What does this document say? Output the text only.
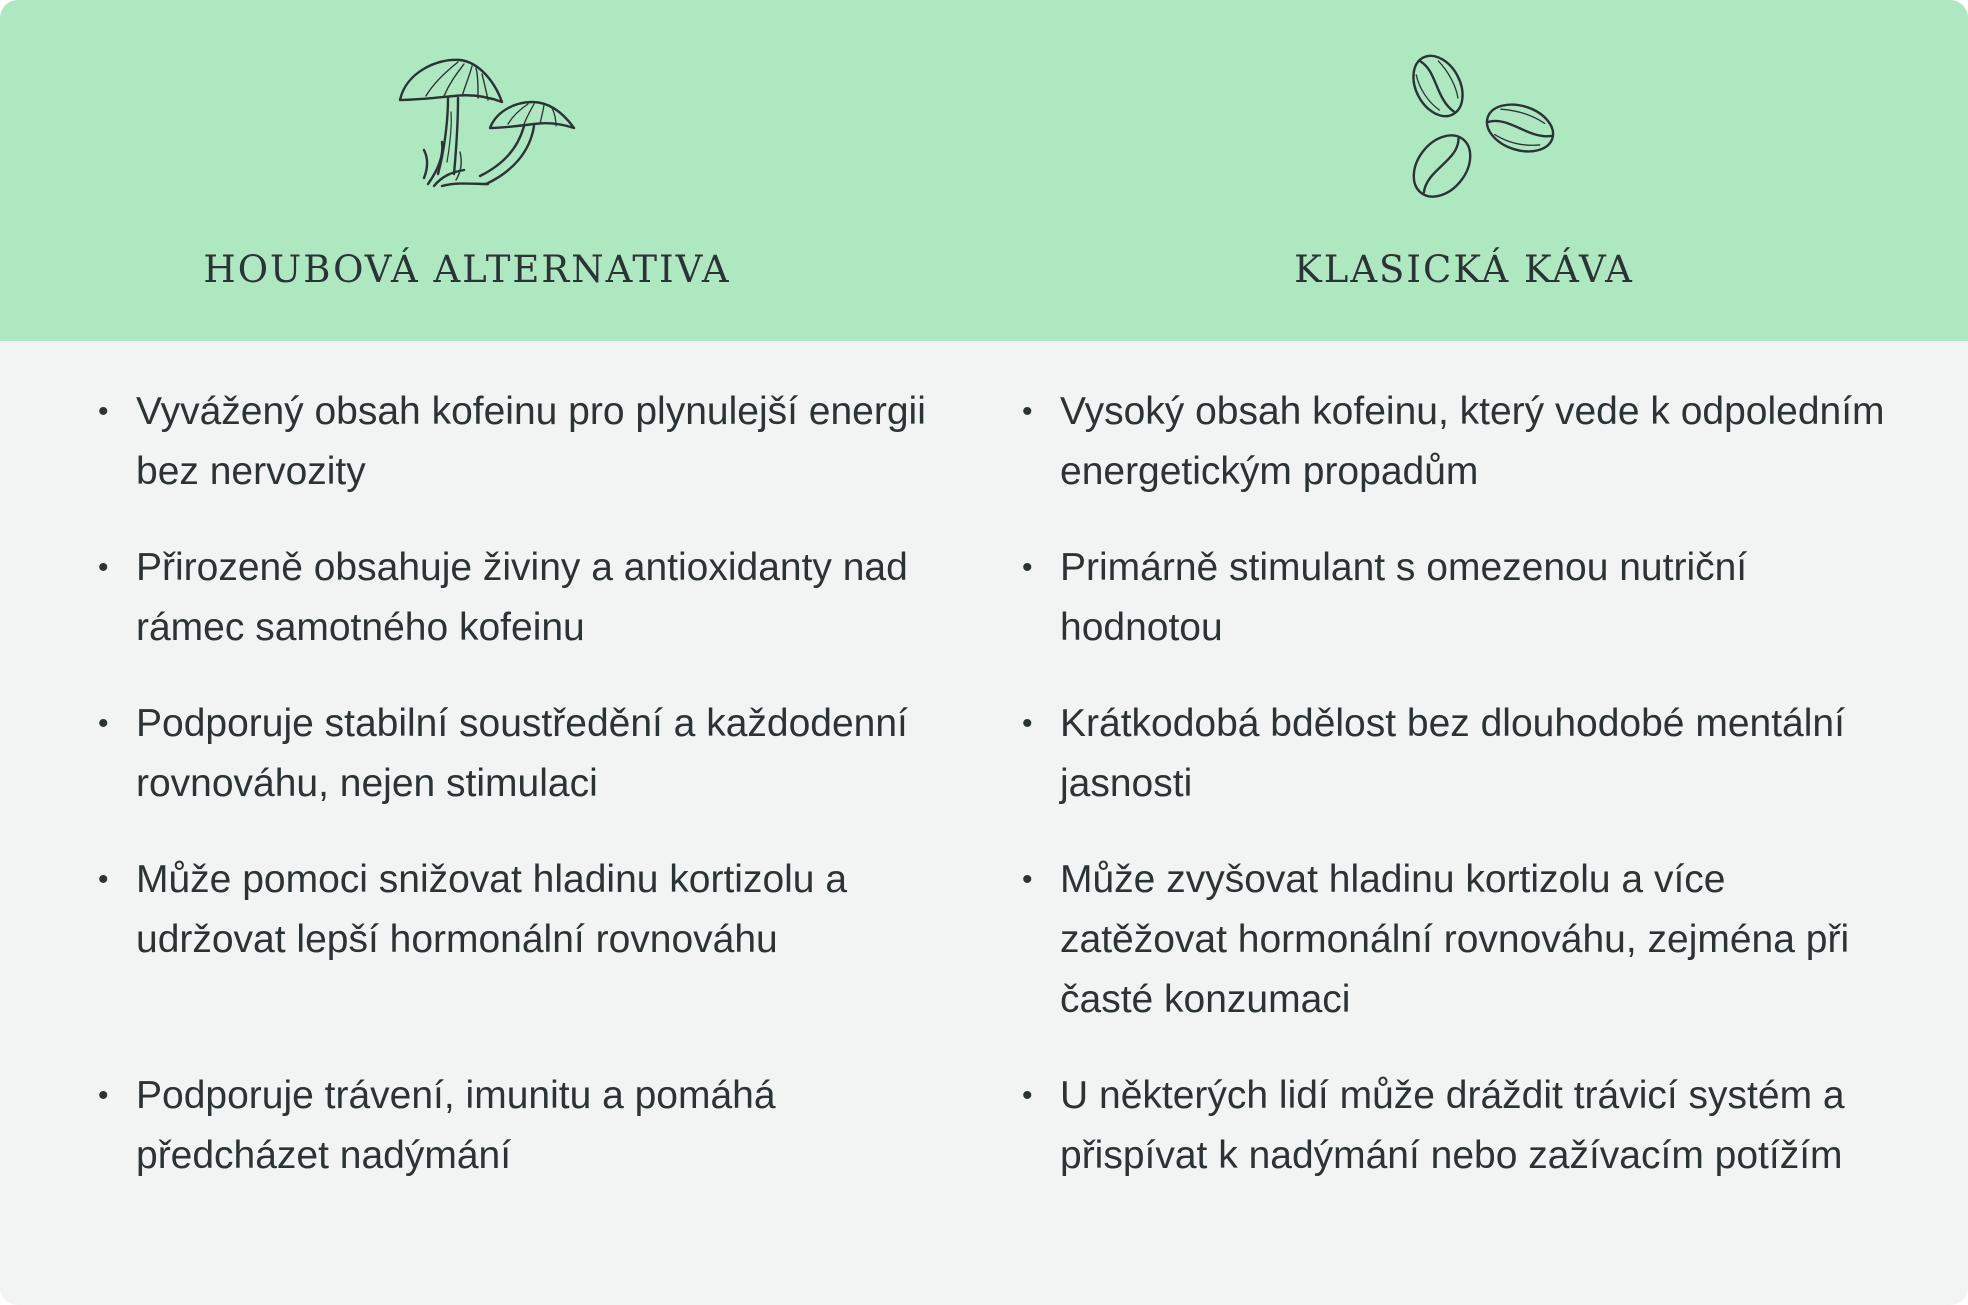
HOUBOVÁ ALTERNATIVA	KLASICKÁ KÁVA
• Vyvážený obsah kofeinu pro plynulejší energii bez nervozity
• Přirozeně obsahuje živiny a antioxidanty nad rámec samotného kofeinu
• Podporuje stabilní soustředění a každodenní rovnováhu, nejen stimulaci
• Může pomoci snižovat hladinu kortizolu a udržovat lepší hormonální rovnováhu
• Podporuje trávení, imunitu a pomáhá předcházet nadýmání
• Vysoký obsah kofeinu, který vede k odpoledním energetickým propadům
• Primárně stimulant s omezenou nutriční hodnotou
• Krátkodobá bdělost bez dlouhodobé mentální jasnosti
• Může zvyšovat hladinu kortizolu a více zatěžovat hormonální rovnováhu, zejména při časté konzumaci
• U některých lidí může dráždit trávicí systém a přispívat k nadýmání nebo zažívacím potížím
